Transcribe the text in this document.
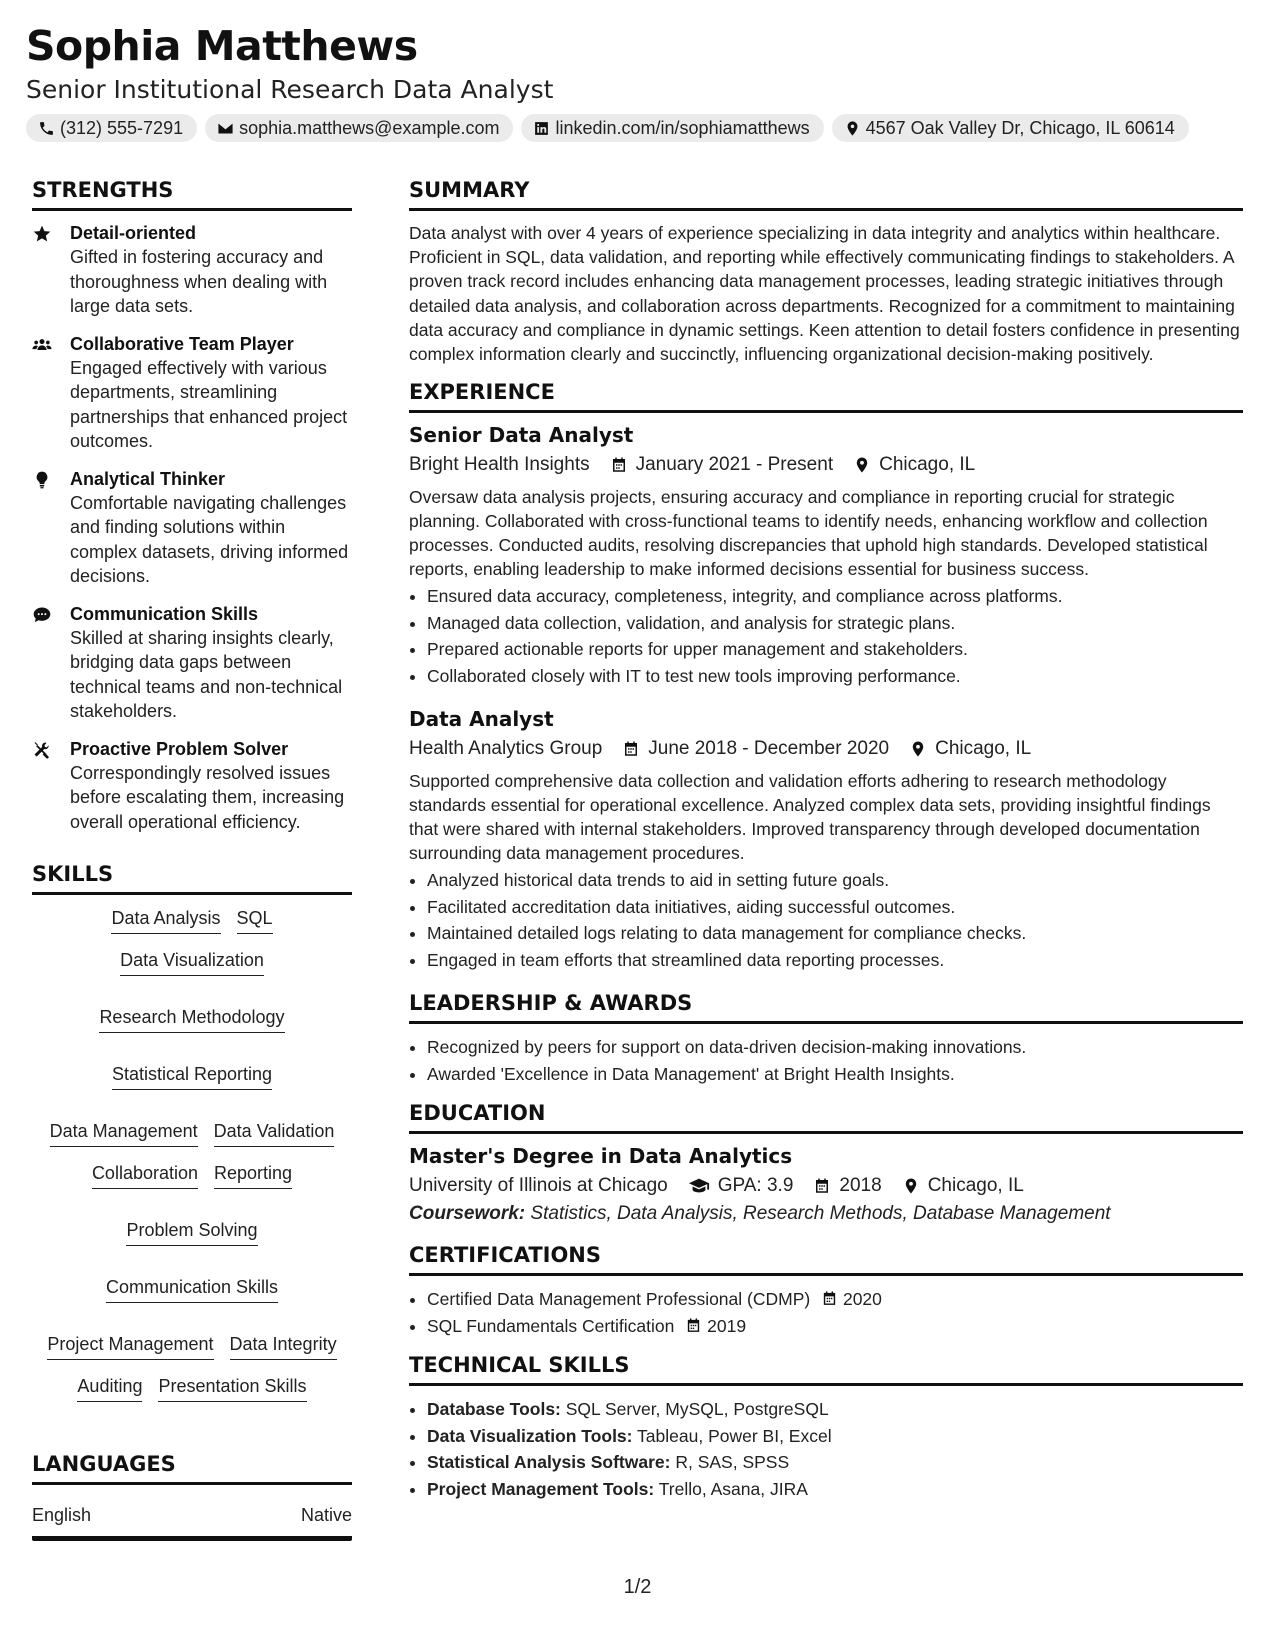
Sophia Matthews
Senior Institutional Research Data Analyst
(312) 555-7291	sophia.matthews@example.com	linkedin.com/in/sophiamatthews	4567 Oak Valley Dr, Chicago, IL 60614
STRENGTHS
Detail-oriented
Gifted in fostering accuracy and thoroughness when dealing with large data sets.
Collaborative Team Player
Engaged effectively with various departments, streamlining partnerships that enhanced project outcomes.
Analytical Thinker
Comfortable navigating challenges and finding solutions within complex datasets, driving informed decisions.
Communication Skills
Skilled at sharing insights clearly, bridging data gaps between technical teams and non-technical stakeholders.
Proactive Problem Solver
Correspondingly resolved issues before escalating them, increasing overall operational efficiency.
SKILLS
Data Analysis SQL
Data Visualization
Research Methodology
Statistical Reporting
Data Management Data Validation
Collaboration Reporting
Problem Solving
Communication Skills
Project Management Data Integrity
Auditing Presentation Skills
LANGUAGES
English	Native
SUMMARY

Data analyst with over 4 years of experience specializing in data integrity and analytics within healthcare. Proficient in SQL, data validation, and reporting while effectively communicating findings to stakeholders. A proven track record includes enhancing data management processes, leading strategic initiatives through detailed data analysis, and collaboration across departments. Recognized for a commitment to maintaining data accuracy and compliance in dynamic settings. Keen attention to detail fosters confidence in presenting complex information clearly and succinctly, influencing organizational decision-making positively.

EXPERIENCE
Senior Data Analyst
Bright Health Insights January 2021 - Present Chicago, IL
Oversaw data analysis projects, ensuring accuracy and compliance in reporting crucial for strategic planning. Collaborated with cross-functional teams to identify needs, enhancing workflow and collection processes. Conducted audits, resolving discrepancies that uphold high standards. Developed statistical reports, enabling leadership to make informed decisions essential for business success.
• Ensured data accuracy, completeness, integrity, and compliance across platforms.
• Managed data collection, validation, and analysis for strategic plans.
• Prepared actionable reports for upper management and stakeholders.
• Collaborated closely with IT to test new tools improving performance.
Data Analyst
Health Analytics Group June 2018 - December 2020 Chicago, IL
Supported comprehensive data collection and validation efforts adhering to research methodology standards essential for operational excellence. Analyzed complex data sets, providing insightful findings that were shared with internal stakeholders. Improved transparency through developed documentation surrounding data management procedures.
• Analyzed historical data trends to aid in setting future goals.
• Facilitated accreditation data initiatives, aiding successful outcomes.
• Maintained detailed logs relating to data management for compliance checks.
• Engaged in team efforts that streamlined data reporting processes.
LEADERSHIP & AWARDS
• Recognized by peers for support on data-driven decision-making innovations.
• Awarded 'Excellence in Data Management' at Bright Health Insights.
EDUCATION
Master's Degree in Data Analytics
University of Illinois at Chicago	GPA: 3.9 2018 Chicago, IL
Coursework: Statistics, Data Analysis, Research Methods, Database Management
CERTIFICATIONS
• Certified Data Management Professional (CDMP) 2020
• SQL Fundamentals Certification 2019
TECHNICAL SKILLS
• Database Tools: SQL Server, MySQL, PostgreSQL
• Data Visualization Tools: Tableau, Power BI, Excel
• Statistical Analysis Software: R, SAS, SPSS
• Project Management Tools: Trello, Asana, JIRA
1/2
